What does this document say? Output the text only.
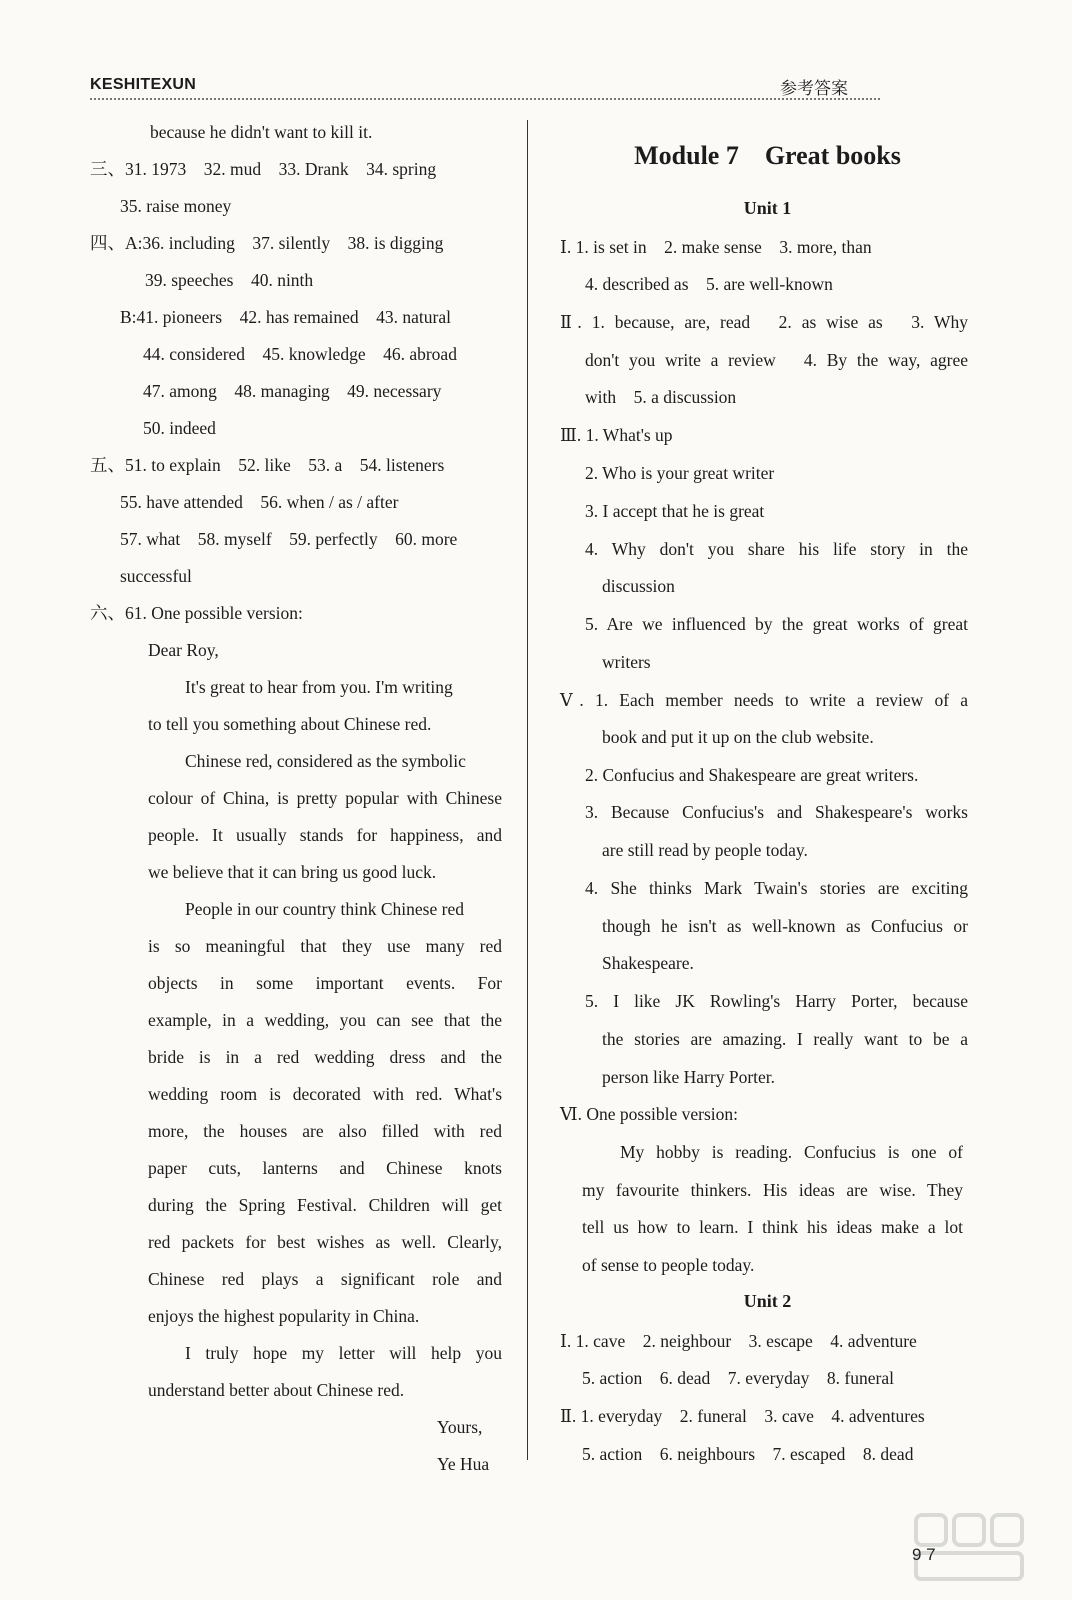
KESHITEXUN	参考答案
because he didn't want to kill it.
三、31. 1973　32. mud　33. Drank　34. spring
35. raise money
四、A:36. including　37. silently　38. is digging
39. speeches　40. ninth
B:41. pioneers　42. has remained　43. natural
44. considered　45. knowledge　46. abroad
47. among　48. managing　49. necessary
50. indeed
五、51. to explain　52. like　53. a　54. listeners
55. have attended　56. when / as / after
57. what　58. myself　59. perfectly　60. more
successful
六、61. One possible version:
Dear Roy,
It's great to hear from you. I'm writing
to tell you something about Chinese red.
Chinese red, considered as the symbolic
colour of China, is pretty popular with Chinese
people. It usually stands for happiness, and
we believe that it can bring us good luck.
People in our country think Chinese red
is so meaningful that they use many red
objects in some important events. For
example, in a wedding, you can see that the
bride is in a red wedding dress and the
wedding room is decorated with red. What's
more, the houses are also filled with red
paper cuts, lanterns and Chinese knots
during the Spring Festival. Children will get
red packets for best wishes as well. Clearly,
Chinese red plays a significant role and
enjoys the highest popularity in China.
I truly hope my letter will help you
understand better about Chinese red.
Yours,
Ye Hua
Module 7　Great books
Unit 1
Ⅰ. 1. is set in　2. make sense　3. more, than
4. described as　5. are well-known
Ⅱ. 1. because, are, read　2. as wise as　3. Why
don't you write a review　4. By the way, agree
with　5. a discussion
Ⅲ. 1. What's up
2. Who is your great writer
3. I accept that he is great
4. Why don't you share his life story in the
discussion
5. Are we influenced by the great works of great
writers
Ⅴ. 1. Each member needs to write a review of a
book and put it up on the club website.
2. Confucius and Shakespeare are great writers.
3. Because Confucius's and Shakespeare's works
are still read by people today.
4. She thinks Mark Twain's stories are exciting
though he isn't as well-known as Confucius or
Shakespeare.
5. I like JK Rowling's Harry Porter, because
the stories are amazing. I really want to be a
person like Harry Porter.
Ⅵ. One possible version:
My hobby is reading. Confucius is one of
my favourite thinkers. His ideas are wise. They
tell us how to learn. I think his ideas make a lot
of sense to people today.
Unit 2
Ⅰ. 1. cave　2. neighbour　3. escape　4. adventure
5. action　6. dead　7. everyday　8. funeral
Ⅱ. 1. everyday　2. funeral　3. cave　4. adventures
5. action　6. neighbours　7. escaped　8. dead
9 7
